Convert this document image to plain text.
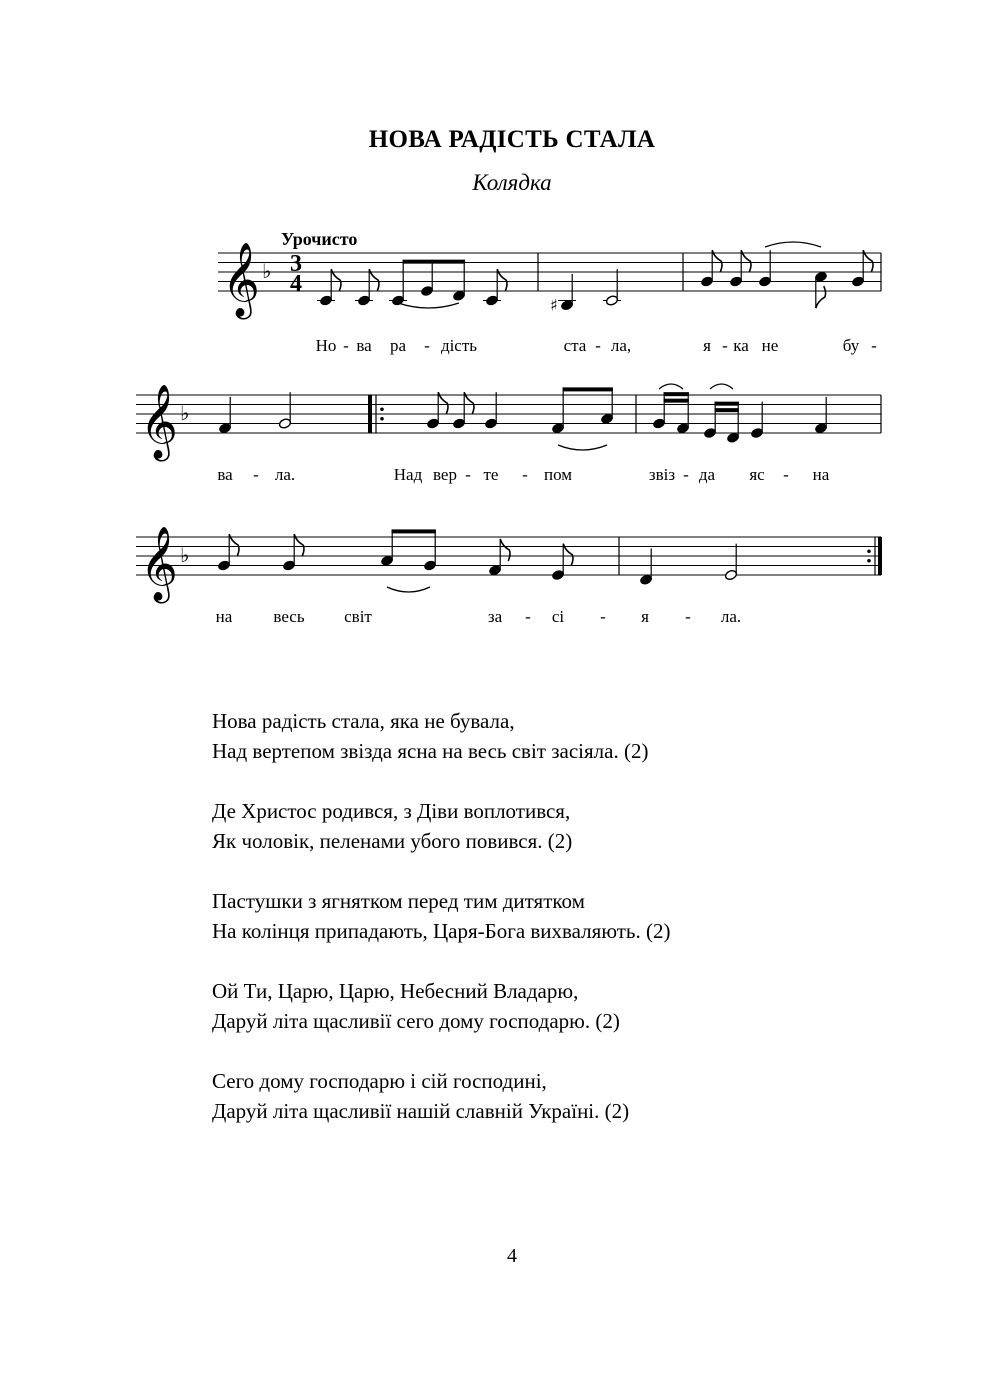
НОВА РАДІСТЬ СТАЛА
Колядка
Урочисто
𝄞 ♭ 3
4
♯
𝄞 ♭
𝄞 ♭
Но - ва ра - дість	ста - ла,	я - ка не	бу -
ва - ла.	Над вер - те - пом	звіз - да яс - на
на весь світ	за - сі - я - ла.
Нова радість стала, яка не бувала,
Над вертепом звізда ясна на весь світ засіяла. (2)
Де Христос родився, з Діви воплотився,
Як чоловік, пеленами убого повився. (2)
Пастушки з ягнятком перед тим дитятком
На колінця припадають, Царя-Бога вихваляють. (2)
Ой Ти, Царю, Царю, Небесний Владарю,
Даруй літа щасливії сего дому господарю. (2)
Сего дому господарю і сій господині,
Даруй літа щасливії нашій славній Україні. (2)
4
